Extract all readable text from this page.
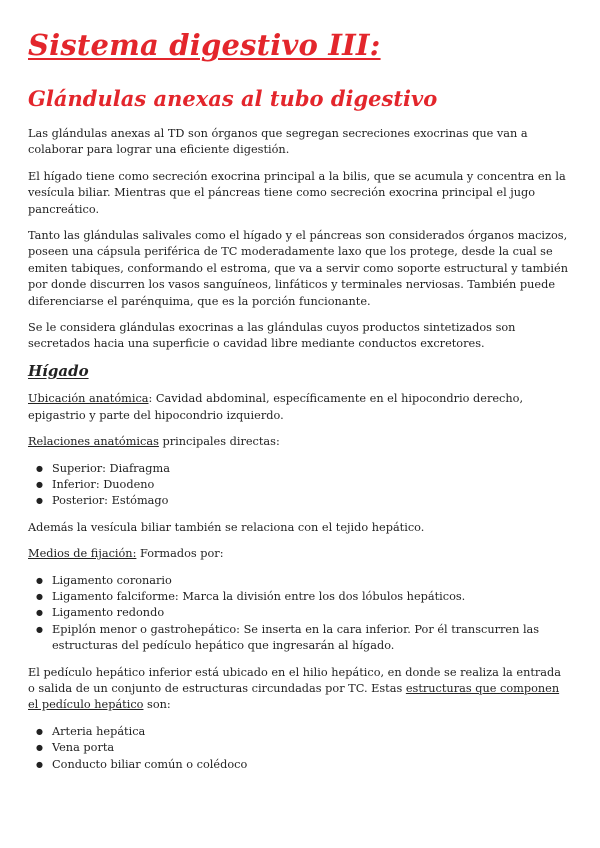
Sistema digestivo III:
Glándulas anexas al tubo digestivo

Las glándulas anexas al TD son órganos que segregan secreciones exocrinas que van a colaborar para lograr una eficiente digestión.

El hígado tiene como secreción exocrina principal a la bilis, que se acumula y concentra en la vesícula biliar. Mientras que el páncreas tiene como secreción exocrina principal el jugo pancreático.

Tanto las glándulas salivales como el hígado y el páncreas son considerados órganos macizos, poseen una cápsula periférica de TC moderadamente laxo que los protege, desde la cual se emiten tabiques, conformando el estroma, que va a servir como soporte estructural y también por donde discurren los vasos sanguíneos, linfáticos y terminales nerviosas. También puede diferenciarse el parénquima, que es la porción funcionante.

Se le considera glándulas exocrinas a las glándulas cuyos productos sintetizados son secretados hacia una superficie o cavidad libre mediante conductos excretores.

Hígado

Ubicación anatómica: Cavidad abdominal, específicamente en el hipocondrio derecho, epigastrio y parte del hipocondrio izquierdo.

Relaciones anatómicas principales directas:

● Superior: Diafragma
● Inferior: Duodeno
● Posterior: Estómago

Además la vesícula biliar también se relaciona con el tejido hepático.

Medios de fijación: Formados por:

● Ligamento coronario
● Ligamento falciforme: Marca la división entre los dos lóbulos hepáticos.
● Ligamento redondo
● Epiplón menor o gastrohepático: Se inserta en la cara inferior. Por él transcurren las estructuras del pedículo hepático que ingresarán al hígado.

El pedículo hepático inferior está ubicado en el hilio hepático, en donde se realiza la entrada o salida de un conjunto de estructuras circundadas por TC. Estas estructuras que componen el pedículo hepático son:

● Arteria hepática
● Vena porta
● Conducto biliar común o colédoco
